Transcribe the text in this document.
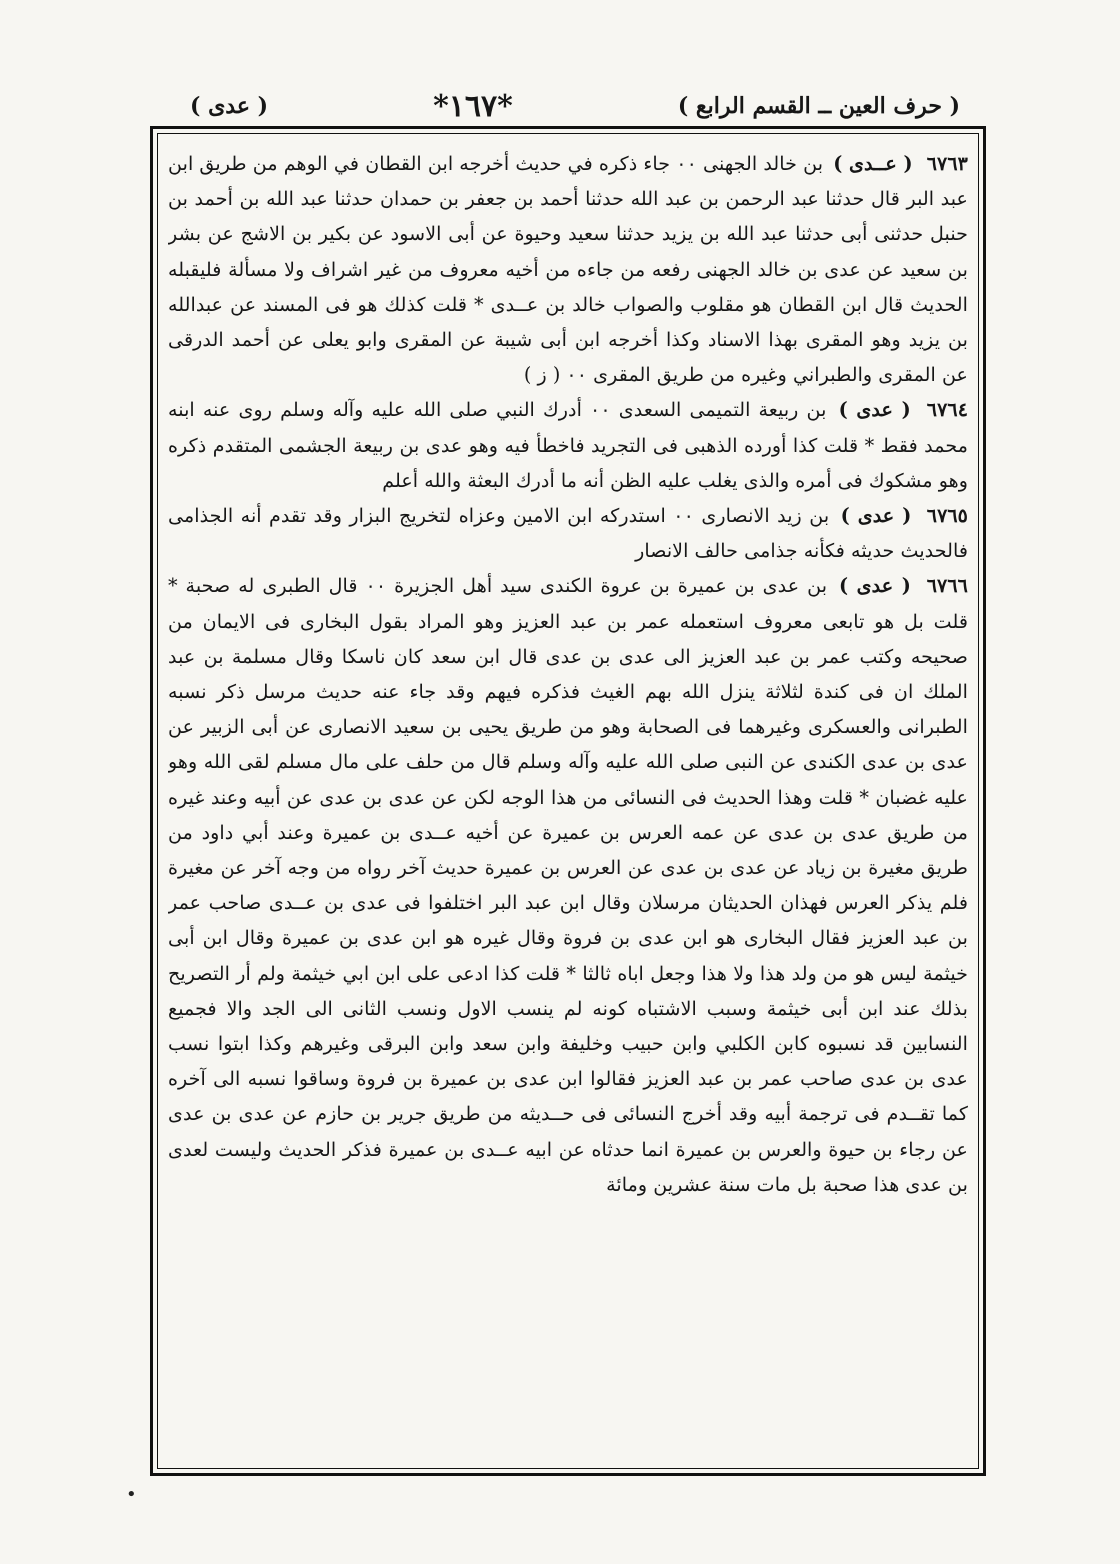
( حرف العين ــ القسم الرابع )
*١٦٧*
( عدى )

٦٧٦٣ ( عــدى ) بن خالد الجهنى ٠٠ جاء ذكره في حديث أخرجه ابن القطان في الوهم من طريق ابن عبد البر قال حدثنا عبد الرحمن بن عبد الله حدثنا أحمد بن جعفر بن حمدان حدثنا عبد الله بن أحمد بن حنبل حدثنى أبى حدثنا عبد الله بن يزيد حدثنا سعيد وحيوة عن أبى الاسود عن بكير بن الاشج عن بشر بن سعيد عن عدى بن خالد الجهنى رفعه من جاءه من أخيه معروف من غير اشراف ولا مسألة فليقبله الحديث قال ابن القطان هو مقلوب والصواب خالد بن عــدى * قلت كذلك هو فى المسند عن عبدالله بن يزيد وهو المقرى بهذا الاسناد وكذا أخرجه ابن أبى شيبة عن المقرى وابو يعلى عن أحمد الدرقى عن المقرى والطبراني وغيره من طريق المقرى ٠٠ ( ز )

٦٧٦٤ ( عدى ) بن ربيعة التميمى السعدى ٠٠ أدرك النبي صلى الله عليه وآله وسلم روى عنه ابنه محمد فقط * قلت كذا أورده الذهبى فى التجريد فاخطأ فيه وهو عدى بن ربيعة الجشمى المتقدم ذكره وهو مشكوك فى أمره والذى يغلب عليه الظن أنه ما أدرك البعثة والله أعلم

٦٧٦٥ ( عدى ) بن زيد الانصارى ٠٠ استدركه ابن الامين وعزاه لتخريج البزار وقد تقدم أنه الجذامى فالحديث حديثه فكأنه جذامى حالف الانصار

٦٧٦٦ ( عدى ) بن عدى بن عميرة بن عروة الكندى سيد أهل الجزيرة ٠٠ قال الطبرى له صحبة * قلت بل هو تابعى معروف استعمله عمر بن عبد العزيز وهو المراد بقول البخارى فى الايمان من صحيحه وكتب عمر بن عبد العزيز الى عدى بن عدى قال ابن سعد كان ناسكا وقال مسلمة بن عبد الملك ان فى كندة لثلاثة ينزل الله بهم الغيث فذكره فيهم وقد جاء عنه حديث مرسل ذكر نسبه الطبرانى والعسكرى وغيرهما فى الصحابة وهو من طريق يحيى بن سعيد الانصارى عن أبى الزبير عن عدى بن عدى الكندى عن النبى صلى الله عليه وآله وسلم قال من حلف على مال مسلم لقى الله وهو عليه غضبان * قلت وهذا الحديث فى النسائى من هذا الوجه لكن عن عدى بن عدى عن أبيه وعند غيره من طريق عدى بن عدى عن عمه العرس بن عميرة عن أخيه عــدى بن عميرة وعند أبي داود من طريق مغيرة بن زياد عن عدى بن عدى عن العرس بن عميرة حديث آخر رواه من وجه آخر عن مغيرة فلم يذكر العرس فهذان الحديثان مرسلان وقال ابن عبد البر اختلفوا فى عدى بن عــدى صاحب عمر بن عبد العزيز فقال البخارى هو ابن عدى بن فروة وقال غيره هو ابن عدى بن عميرة وقال ابن أبى خيثمة ليس هو من ولد هذا ولا هذا وجعل اباه ثالثا * قلت كذا ادعى على ابن ابي خيثمة ولم أر التصريح بذلك عند ابن أبى خيثمة وسبب الاشتباه كونه لم ينسب الاول ونسب الثانى الى الجد والا فجميع النسابين قد نسبوه كابن الكلبي وابن حبيب وخليفة وابن سعد وابن البرقى وغيرهم وكذا ابتوا نسب عدى بن عدى صاحب عمر بن عبد العزيز فقالوا ابن عدى بن عميرة بن فروة وساقوا نسبه الى آخره كما تقــدم فى ترجمة أبيه وقد أخرج النسائى فى حــديثه من طريق جرير بن حازم عن عدى بن عدى عن رجاء بن حيوة والعرس بن عميرة انما حدثاه عن ابيه عــدى بن عميرة فذكر الحديث وليست لعدى بن عدى هذا صحبة بل مات سنة عشرين ومائة

•
